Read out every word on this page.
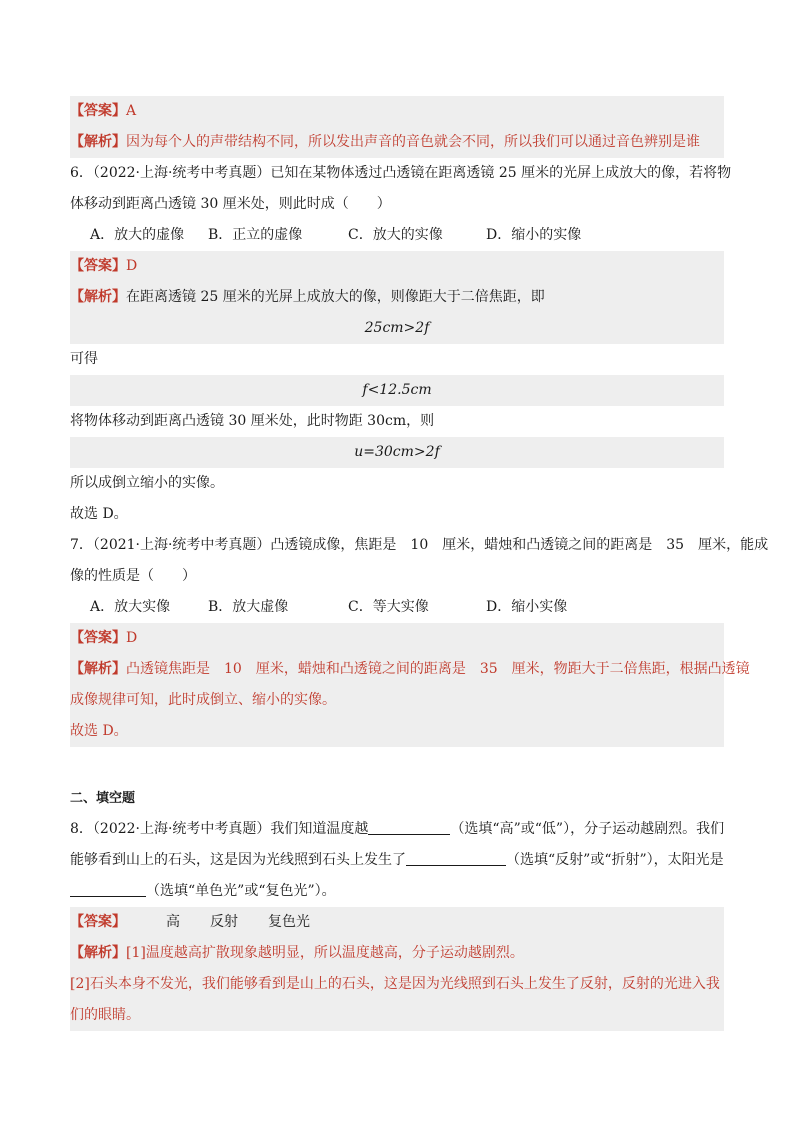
【答案】A
【解析】因为每个人的声带结构不同，所以发出声音的音色就会不同，所以我们可以通过音色辨别是谁
6．（2022·上海·统考中考真题）已知在某物体透过凸透镜在距离透镜 25 厘米的光屏上成放大的像，若将物
体移动到距离凸透镜 30 厘米处，则此时成（　　）
A．放大的虚像 B．正立的虚像	C．放大的实像	D．缩小的实像
【答案】D
【解析】在距离透镜 25 厘米的光屏上成放大的像，则像距大于二倍焦距，即
25cm>2f
可得
f<12.5cm
将物体移动到距离凸透镜 30 厘米处，此时物距 30cm，则
u=30cm>2f
所以成倒立缩小的实像。
故选 D。
7．（2021·上海·统考中考真题）凸透镜成像，焦距是　10　厘米，蜡烛和凸透镜之间的距离是　35　厘米，能成
像的性质是（　　）
A．放大实像	B．放大虚像	C．等大实像	D．缩小实像
【答案】D
【解析】凸透镜焦距是　10　厘米，蜡烛和凸透镜之间的距离是　35　厘米，物距大于二倍焦距，根据凸透镜
成像规律可知，此时成倒立、缩小的实像。
故选 D。
二、填空题
8．（2022·上海·统考中考真题）我们知道温度越	（选填“高”或“低”），分子运动越剧烈。我们
能够看到山上的石头，这是因为光线照到石头上发生了	（选填“反射”或“折射”），太阳光是
（选填“单色光”或“复色光”）。
【答案】	高 反射 复色光
【解析】[1]温度越高扩散现象越明显，所以温度越高，分子运动越剧烈。
[2]石头本身不发光，我们能够看到是山上的石头，这是因为光线照到石头上发生了反射，反射的光进入我
们的眼睛。
